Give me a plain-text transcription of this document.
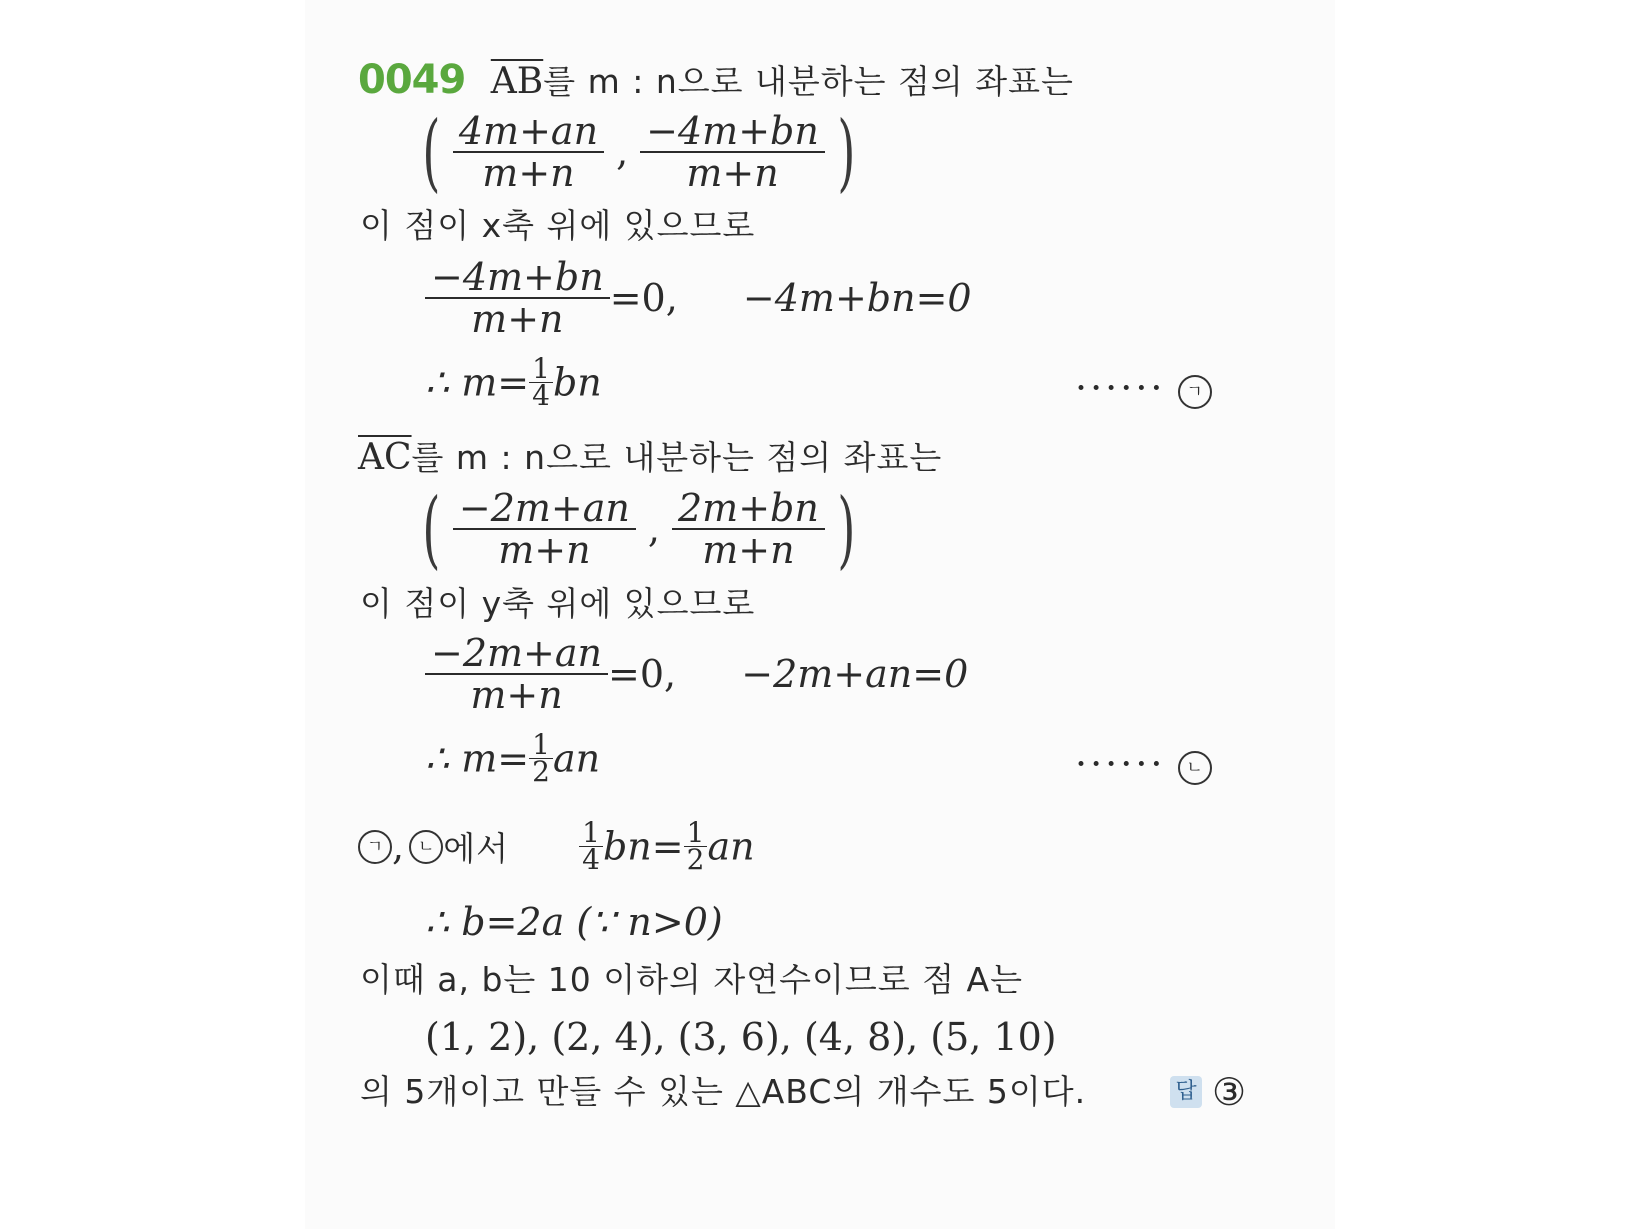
0049 $\overline{AB}$를 m : n으로 내분하는 점의 좌표는
( $\frac{4m+an}{m+n}$ , $\frac{-4m+bn}{m+n}$ )
이 점이 x축 위에 있으므로
$\frac{-4m+bn}{m+n} =0$, −4m+bn=0
∴ $m= \frac{1}{4}$ bn	······ ㄱ
$\overline{AC}$를 m : n으로 내분하는 점의 좌표는
( $\frac{-2m+an}{m+n}$ , $\frac{2m+bn}{m+n}$ )
이 점이 y축 위에 있으므로
$\frac{-2m+an}{m+n} =0$, −2m+an=0
∴ $m= \frac{1}{2}$ an	······ ㄴ
ㄱ , ㄴ 에서	$\frac{1}{4} bn= \frac{1}{2}$ an
∴ b=2a (∵ n>0)
이때 a, b는 10 이하의 자연수이므로 점 A는
(1, 2), (2, 4), (3, 6), (4, 8), (5, 10)
의 5개이고 만들 수 있는 △ABC의 개수도 5이다.	답 ③
